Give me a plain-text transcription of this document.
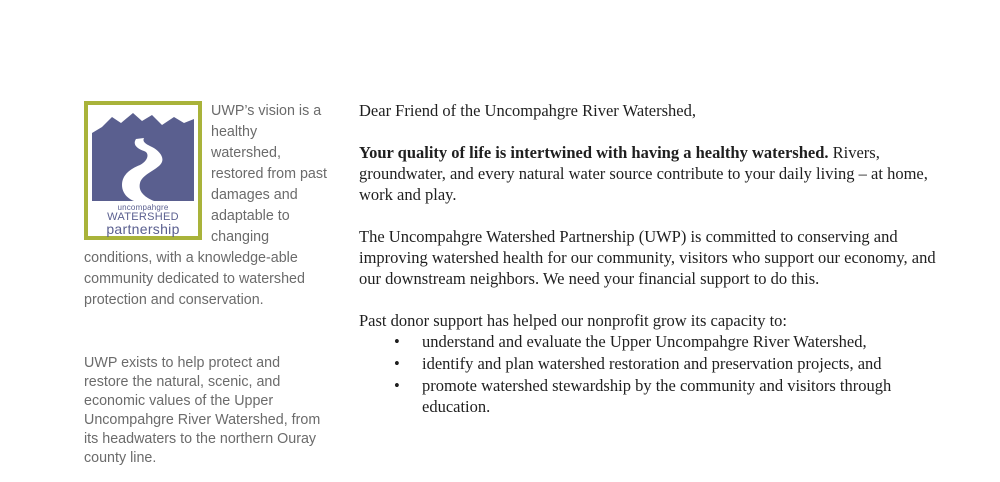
uncompahgre
WATERSHED
partnership

UWP’s vision is a healthy watershed, restored from past damages and adaptable to changing

conditions, with a knowledge-able community dedicated to watershed protection and conservation.

UWP exists to help protect and restore the natural, scenic, and economic values of the Upper Uncompahgre River Watershed, from its headwaters to the northern Ouray county line.

Dear Friend of the Uncompahgre River Watershed,

Your quality of life is intertwined with having a healthy watershed. Rivers, groundwater, and every natural water source contribute to your daily living – at home, work and play.

The Uncompahgre Watershed Partnership (UWP) is committed to conserving and improving watershed health for our community, visitors who support our economy, and our downstream neighbors. We need your financial support to do this.

Past donor support has helped our nonprofit grow its capacity to:

• understand and evaluate the Upper Uncompahgre River Watershed,
• identify and plan watershed restoration and preservation projects, and
• promote watershed stewardship by the community and visitors through education.
